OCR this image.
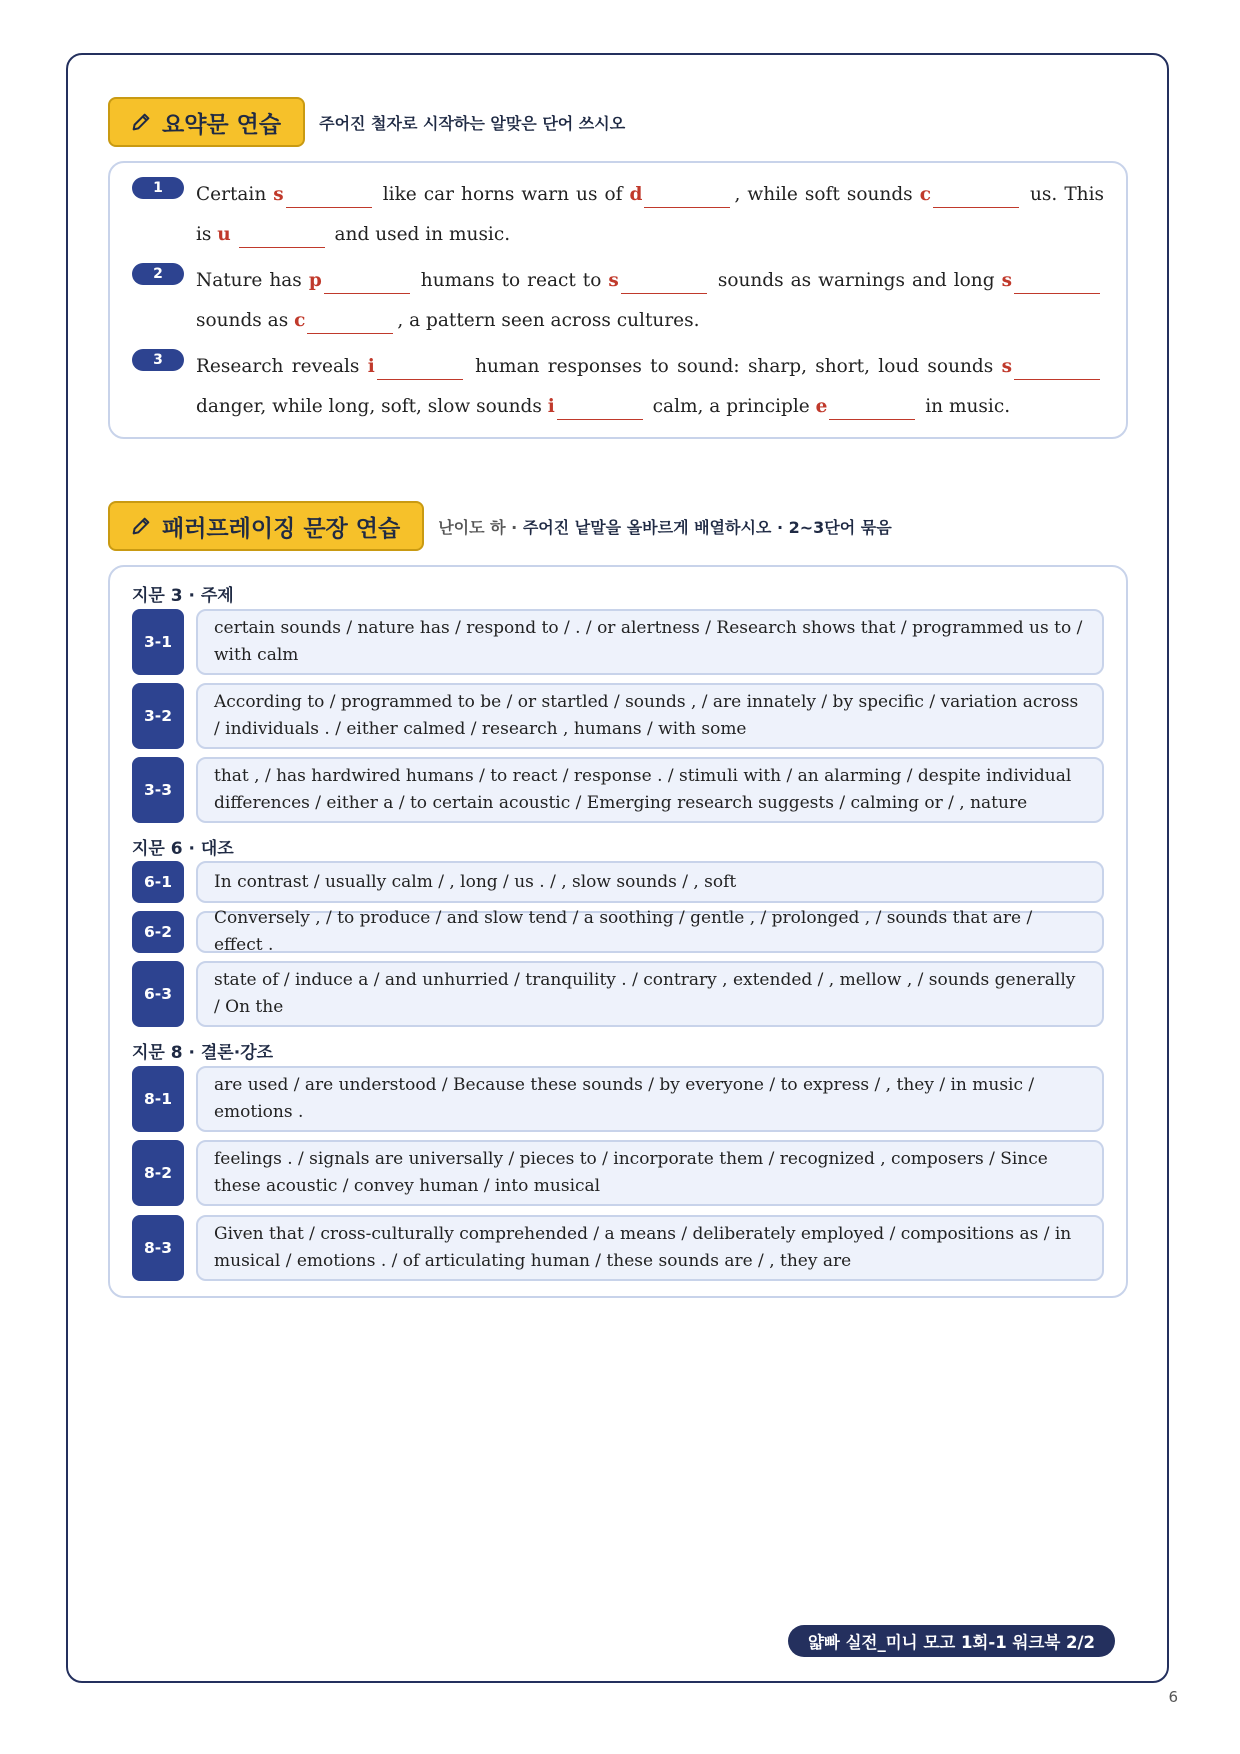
요약문 연습 주어진 철자로 시작하는 알맞은 단어 쓰시오
1	Certain s	like car horns warn us of d	, while soft sounds c	us. This is u	and used in music.
2	Nature has p	humans to react to s	sounds as warnings and long s sounds as c	, a pattern seen across cultures.
3	Research reveals i	human responses to sound: sharp, short, loud sounds s danger, while long, soft, slow sounds i	calm, a principle e	in music.
패러프레이징 문장 연습 난이도 하 · 주어진 낱말을 올바르게 배열하시오 · 2~3단어 묶음
지문 3 · 주제
3-1
certain sounds / nature has / respond to / . / or alertness / Research shows that / programmed us to / with calm
3-2
According to / programmed to be / or startled / sounds , / are innately / by specific / variation across / individuals . / either calmed / research , humans / with some
3-3
that , / has hardwired humans / to react / response . / stimuli with / an alarming / despite individual differences / either a / to certain acoustic / Emerging research suggests / calming or / , nature
지문 6 · 대조
6-1	In contrast / usually calm / , long / us . / , slow sounds / , soft
6-2
Conversely , / to produce / and slow tend / a soothing / gentle , / prolonged , / sounds that are / effect .
6-3
state of / induce a / and unhurried / tranquility . / contrary , extended / , mellow , / sounds generally / On the
지문 8 · 결론·강조
8-1
are used / are understood / Because these sounds / by everyone / to express / , they / in music / emotions .
8-2
feelings . / signals are universally / pieces to / incorporate them / recognized , composers / Since these acoustic / convey human / into musical
8-3
Given that / cross-culturally comprehended / a means / deliberately employed / compositions as / in musical / emotions . / of articulating human / these sounds are / , they are
얇빠 실전_미니 모고 1회-1 워크북 2/2
6
